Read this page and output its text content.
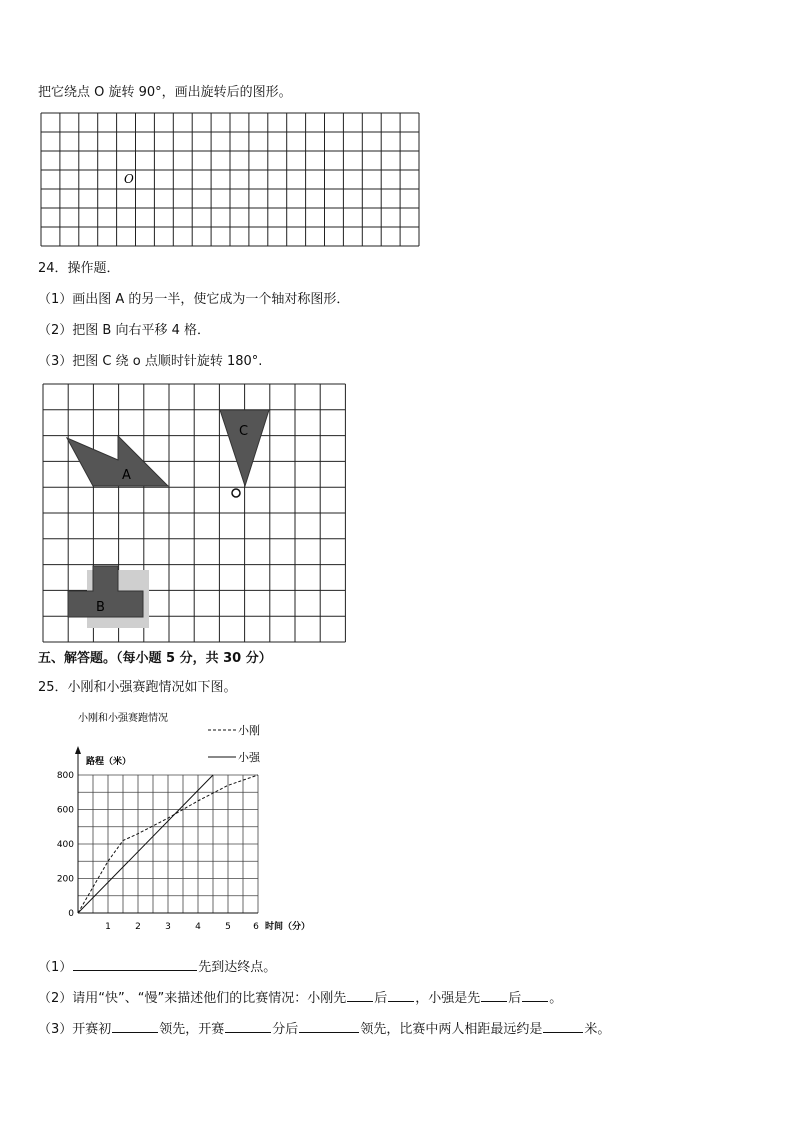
把它绕点 O 旋转 90°，画出旋转后的图形。
O
24．操作题．
（1）画出图 A 的另一半，使它成为一个轴对称图形．
（2）把图 B 向右平移 4 格．
（3）把图 C 绕 o 点顺时针旋转 180°.
A
B
C
五、解答题。（每小题 5 分，共 30 分）
25．小刚和小强赛跑情况如下图。
小刚和小强赛跑情况
0
200
400
600
800
1	2	3	4	5 6
路程（米）
时间（分）
小刚
小强
（1）	先到达终点。
（2）请用“快”、“慢”来描述他们的比赛情况：小刚先 后 ，小强是先 后 。
（3）开赛初	领先，开赛	分后	领先，比赛中两人相距最远约是	米。
